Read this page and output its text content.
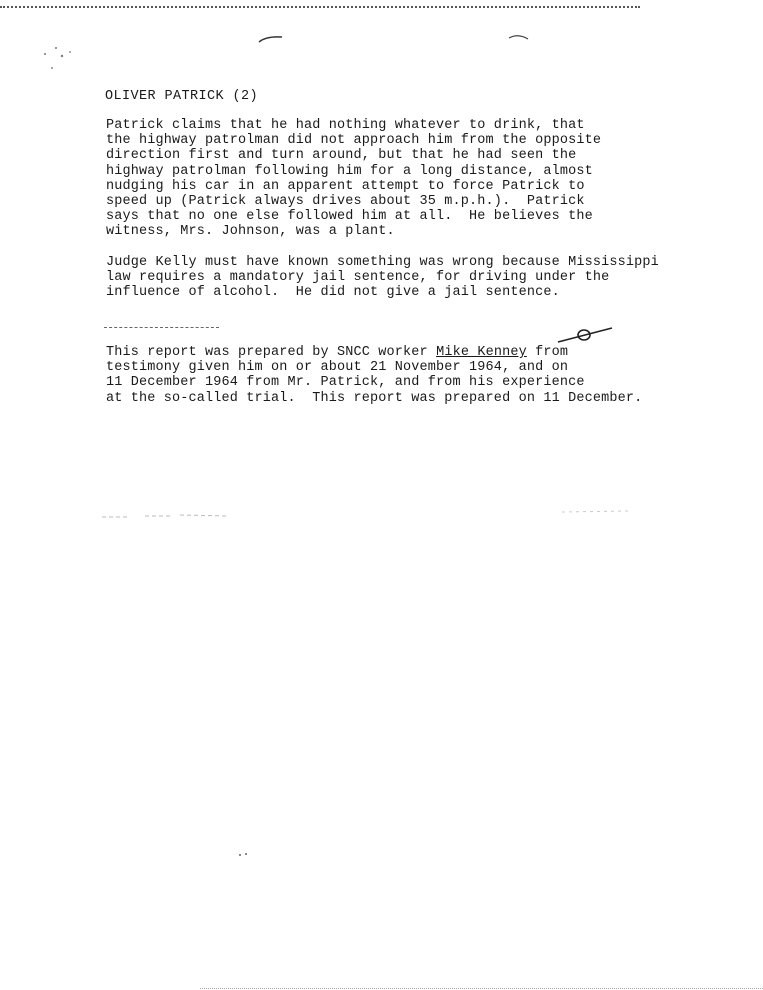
OLIVER PATRICK (2)

Patrick claims that he had nothing whatever to drink, that
the highway patrolman did not approach him from the opposite
direction first and turn around, but that he had seen the
highway patrolman following him for a long distance, almost
nudging his car in an apparent attempt to force Patrick to
speed up (Patrick always drives about 35 m.p.h.).  Patrick
says that no one else followed him at all.  He believes the
witness, Mrs. Johnson, was a plant.

Judge Kelly must have known something was wrong because Mississippi
law requires a mandatory jail sentence, for driving under the
influence of alcohol.  He did not give a jail sentence.

This report was prepared by SNCC worker Mike Kenney from
testimony given him on or about 21 November 1964, and on
11 December 1964 from Mr. Patrick, and from his experience
at the so-called trial.  This report was prepared on 11 December.
